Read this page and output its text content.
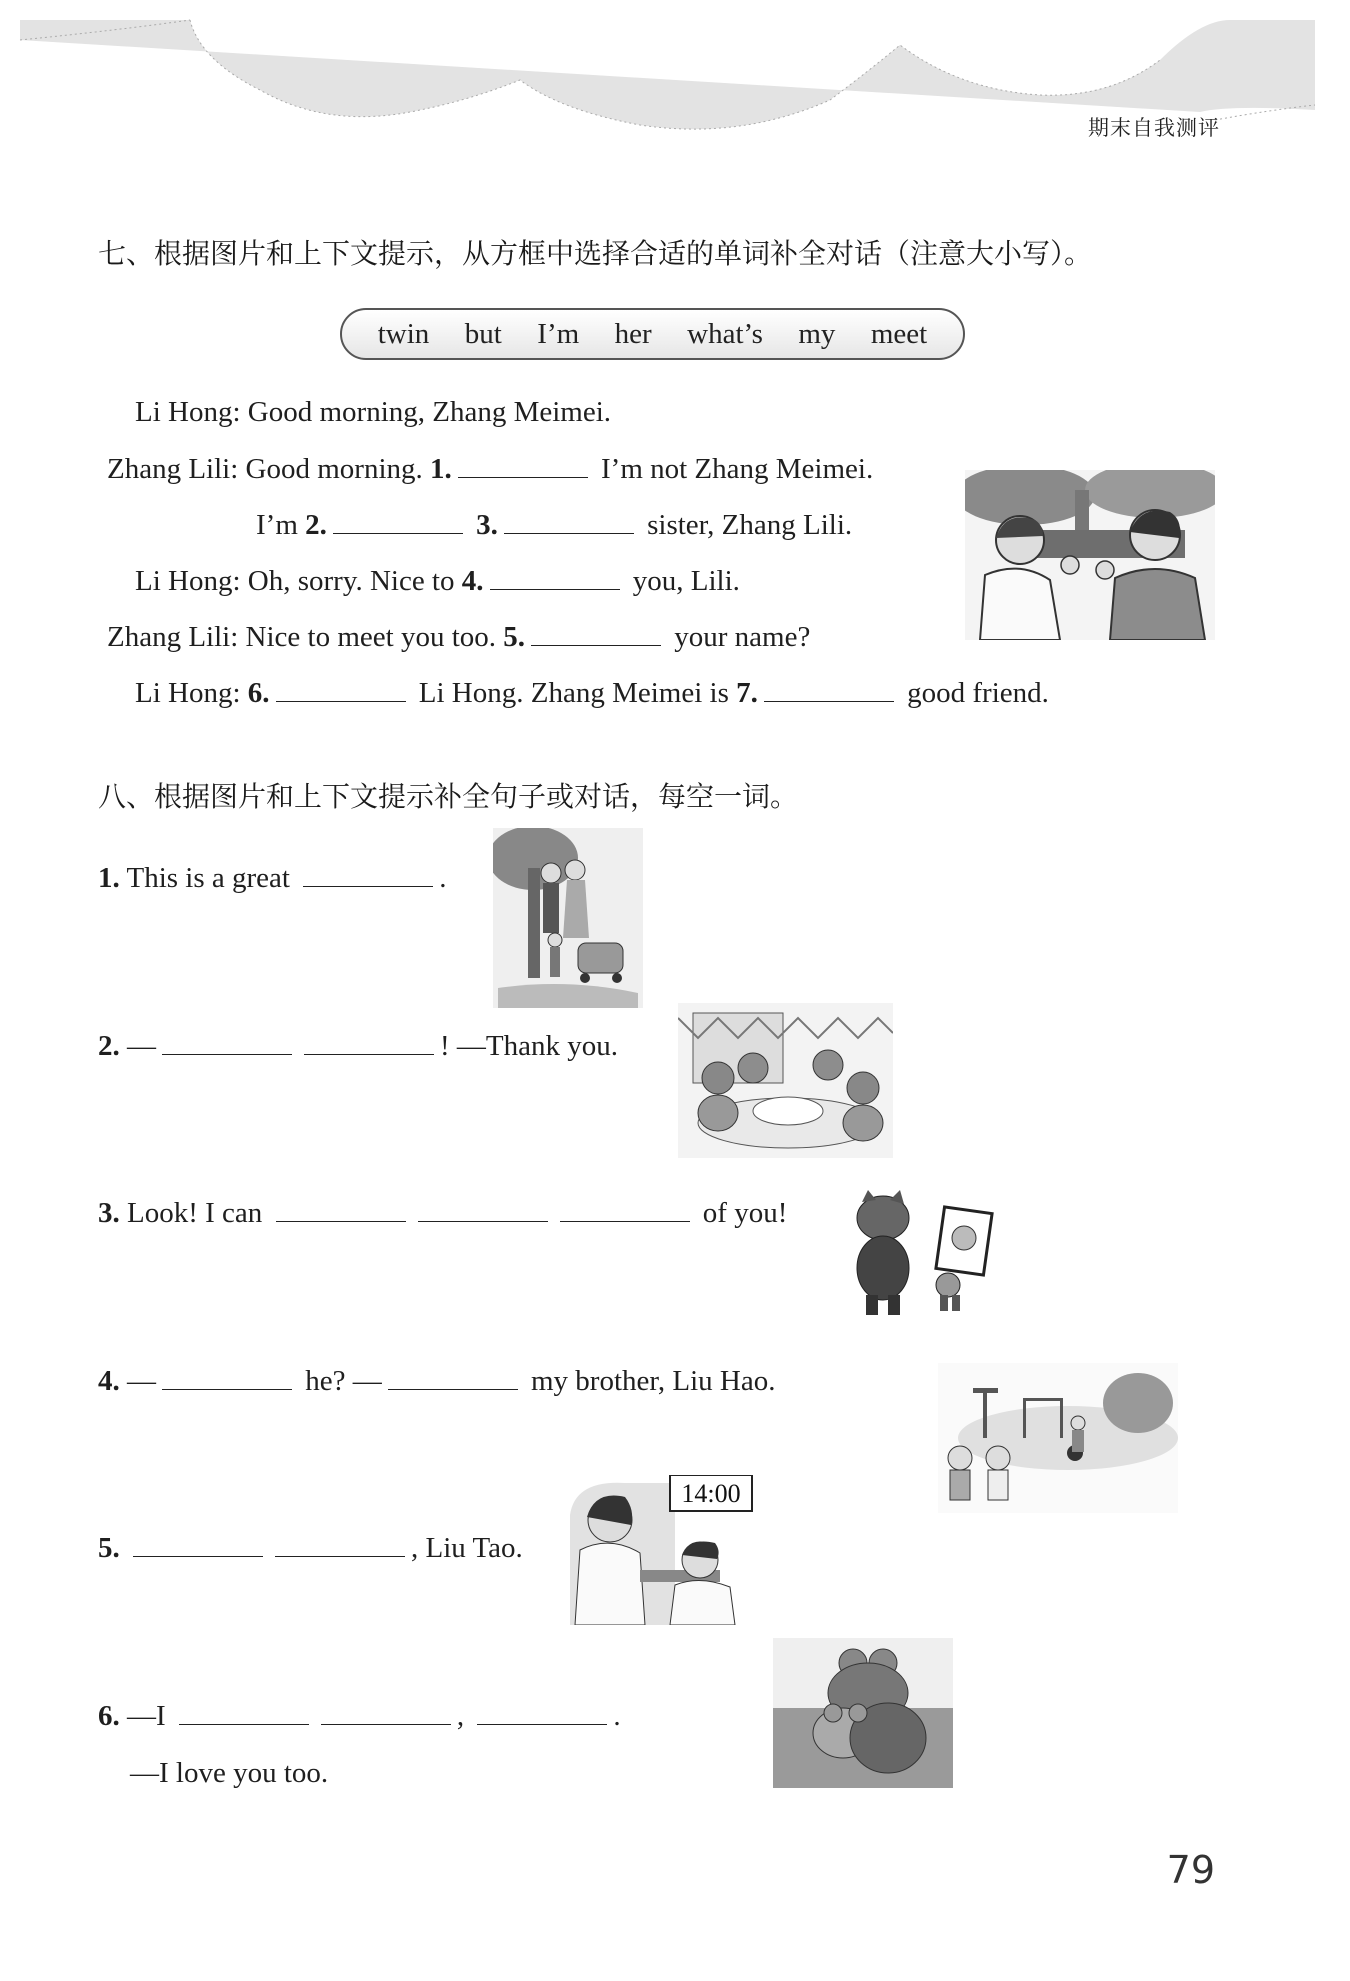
期末自我测评
七、根据图片和上下文提示，从方框中选择合适的单词补全对话（注意大小写）。
twin but I’m her what’s my meet
Li Hong: Good morning, Zhang Meimei.
Zhang Lili: Good morning. 1.	I’m not Zhang Meimei.
I’m 2.	3.	sister, Zhang Lili.
Li Hong: Oh, sorry. Nice to 4.	you, Lili.
Zhang Lili: Nice to meet you too. 5.	your name?
Li Hong: 6.	Li Hong. Zhang Meimei is 7.	good friend.
八、根据图片和上下文提示补全句子或对话，每空一词。
1. This is a great	.
2. —	! —Thank you.
3. Look! I can	of you!
4. —	he? —	my brother, Liu Hao.
5.	, Liu Tao.
14:00
6. —I	,	.
—I love you too.
79
